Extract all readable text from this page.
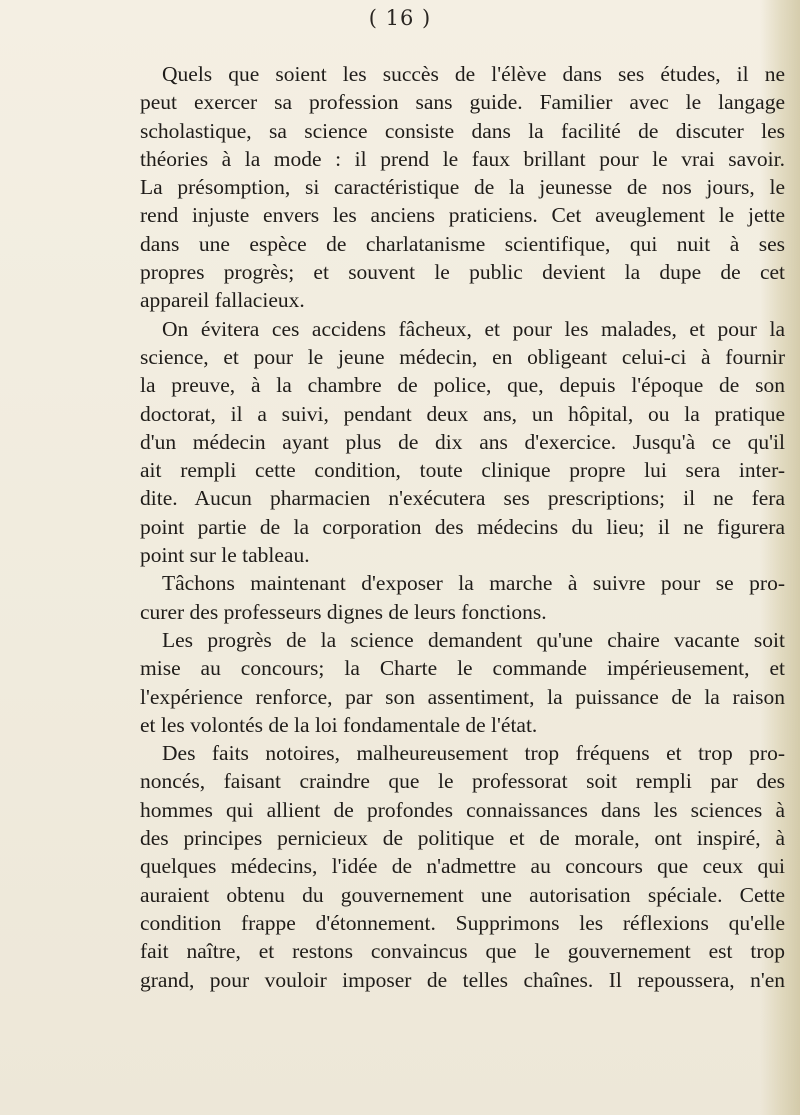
( 16 )
Quels que soient les succès de l'élève dans ses études, il ne
peut exercer sa profession sans guide. Familier avec le langage
scholastique, sa science consiste dans la facilité de discuter les
théories à la mode : il prend le faux brillant pour le vrai savoir.
La présomption, si caractéristique de la jeunesse de nos jours, le
rend injuste envers les anciens praticiens. Cet aveuglement le jette
dans une espèce de charlatanisme scientifique, qui nuit à ses
propres progrès; et souvent le public devient la dupe de cet
appareil fallacieux.
On évitera ces accidens fâcheux, et pour les malades, et pour la
science, et pour le jeune médecin, en obligeant celui-ci à fournir
la preuve, à la chambre de police, que, depuis l'époque de son
doctorat, il a suivi, pendant deux ans, un hôpital, ou la pratique
d'un médecin ayant plus de dix ans d'exercice. Jusqu'à ce qu'il
ait rempli cette condition, toute clinique propre lui sera inter-
dite. Aucun pharmacien n'exécutera ses prescriptions; il ne fera
point partie de la corporation des médecins du lieu; il ne figurera
point sur le tableau.
Tâchons maintenant d'exposer la marche à suivre pour se pro-
curer des professeurs dignes de leurs fonctions.
Les progrès de la science demandent qu'une chaire vacante soit
mise au concours; la Charte le commande impérieusement, et
l'expérience renforce, par son assentiment, la puissance de la raison
et les volontés de la loi fondamentale de l'état.
Des faits notoires, malheureusement trop fréquens et trop pro-
noncés, faisant craindre que le professorat soit rempli par des
hommes qui allient de profondes connaissances dans les sciences à
des principes pernicieux de politique et de morale, ont inspiré, à
quelques médecins, l'idée de n'admettre au concours que ceux qui
auraient obtenu du gouvernement une autorisation spéciale. Cette
condition frappe d'étonnement. Supprimons les réflexions qu'elle
fait naître, et restons convaincus que le gouvernement est trop
grand, pour vouloir imposer de telles chaînes. Il repoussera, n'en
